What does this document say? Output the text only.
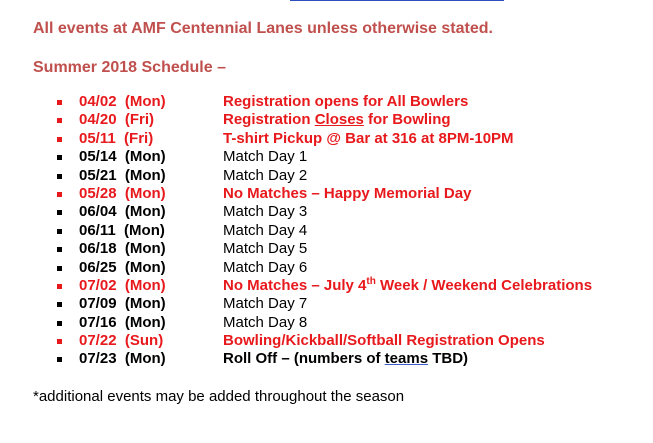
All events at AMF Centennial Lanes unless otherwise stated.
Summer 2018 Schedule –
04/02  (Mon)	Registration opens for All Bowlers
04/20  (Fri)	Registration Closes for Bowling
05/11  (Fri)	T-shirt Pickup @ Bar at 316 at 8PM-10PM
05/14  (Mon)	Match Day 1
05/21  (Mon)	Match Day 2
05/28  (Mon)	No Matches – Happy Memorial Day
06/04  (Mon)	Match Day 3
06/11  (Mon)	Match Day 4
06/18  (Mon)	Match Day 5
06/25  (Mon)	Match Day 6
07/02  (Mon)	No Matches – July 4th Week / Weekend Celebrations
07/09  (Mon)	Match Day 7
07/16  (Mon)	Match Day 8
07/22  (Sun)	Bowling/Kickball/Softball Registration Opens
07/23  (Mon)	Roll Off – (numbers of teams TBD)
*additional events may be added throughout the season
